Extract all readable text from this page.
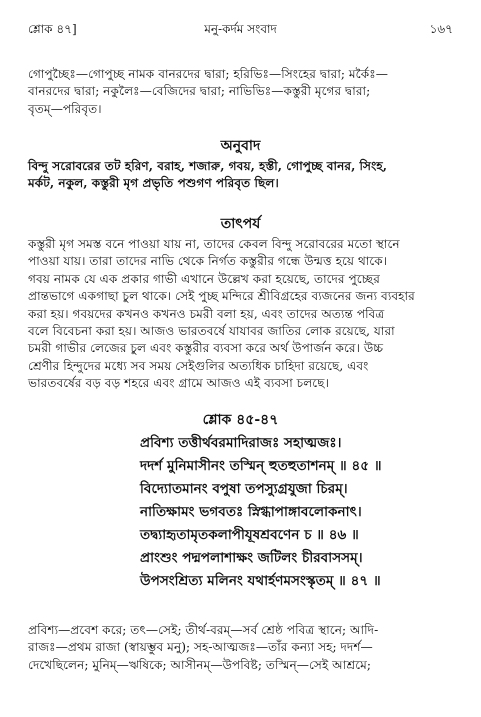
শ্লোক ৪৭]	মনু-কর্দম সংবাদ	১৬৭
গোপুচ্ছৈঃ—গোপুচ্ছ নামক বানরদের দ্বারা; হরিভিঃ—সিংহের দ্বারা; মর্কৈঃ—
বানরদের দ্বারা; নকুলৈঃ—বেজিদের দ্বারা; নাভিভিঃ—কস্তুরী মৃগের দ্বারা;
বৃতম্—পরিবৃত।
অনুবাদ
বিন্দু সরোবরের তট হরিণ, বরাহ, শজারু, গবয়, হস্তী, গোপুচ্ছ বানর, সিংহ,
মর্কট, নকুল, কস্তুরী মৃগ প্রভৃতি পশুগণ পরিবৃত ছিল।
তাৎপর্য
কস্তুরী মৃগ সমস্ত বনে পাওয়া যায় না, তাদের কেবল বিন্দু সরোবরের মতো স্থানে
পাওয়া যায়। তারা তাদের নাভি থেকে নির্গত কস্তুরীর গন্ধে উন্মত্ত হয়ে থাকে।
গবয় নামক যে এক প্রকার গাভী এখানে উল্লেখ করা হয়েছে, তাদের পুচ্ছের
প্রান্তভাগে একগাছা চুল থাকে। সেই পুচ্ছ মন্দিরে শ্রীবিগ্রহের ব্যজনের জন্য ব্যবহার
করা হয়। গবয়দের কখনও কখনও চমরী বলা হয়, এবং তাদের অত্যন্ত পবিত্র
বলে বিবেচনা করা হয়। আজও ভারতবর্ষে যাযাবর জাতির লোক রয়েছে, যারা
চমরী গাভীর লেজের চুল এবং কস্তুরীর ব্যবসা করে অর্থ উপার্জন করে। উচ্চ
শ্রেণীর হিন্দুদের মধ্যে সব সময় সেইগুলির অত্যধিক চাহিদা রয়েছে, এবং
ভারতবর্ষের বড় বড় শহরে এবং গ্রামে আজও এই ব্যবসা চলছে।
শ্লোক ৪৫-৪৭
প্রবিশ্য তত্তীর্থবরমাদিরাজঃ সহাত্মজঃ।
দদর্শ মুনিমাসীনং তস্মিন্ হুতহুতাশনম্ ॥ ৪৫ ॥
বিদ্যোতমানং বপুষা তপস্যুগ্রযুজা চিরম্।
নাতিক্ষামং ভগবতঃ স্নিগ্ধাপাঙ্গাবলোকনাৎ।
তদ্ব্যাহৃতামৃতকলাপীযূষশ্রবণেন চ ॥ ৪৬ ॥
প্রাংশুং পদ্মপলাশাক্ষং জটিলং চীরবাসসম্।
উপসংশ্রিত্য মলিনং যথার্হণমসংস্কৃতম্ ॥ ৪৭ ॥
প্রবিশ্য—প্রবেশ করে; তৎ—সেই; তীর্থ-বরম্—সর্ব শ্রেষ্ঠ পবিত্র স্থানে; আদি-
রাজঃ—প্রথম রাজা (স্বায়ম্ভুব মনু); সহ-আত্মজঃ—তাঁর কন্যা সহ; দদর্শ—
দেখেছিলেন; মুনিম্—ঋষিকে; আসীনম্—উপবিষ্ট; তস্মিন্—সেই আশ্রমে;
